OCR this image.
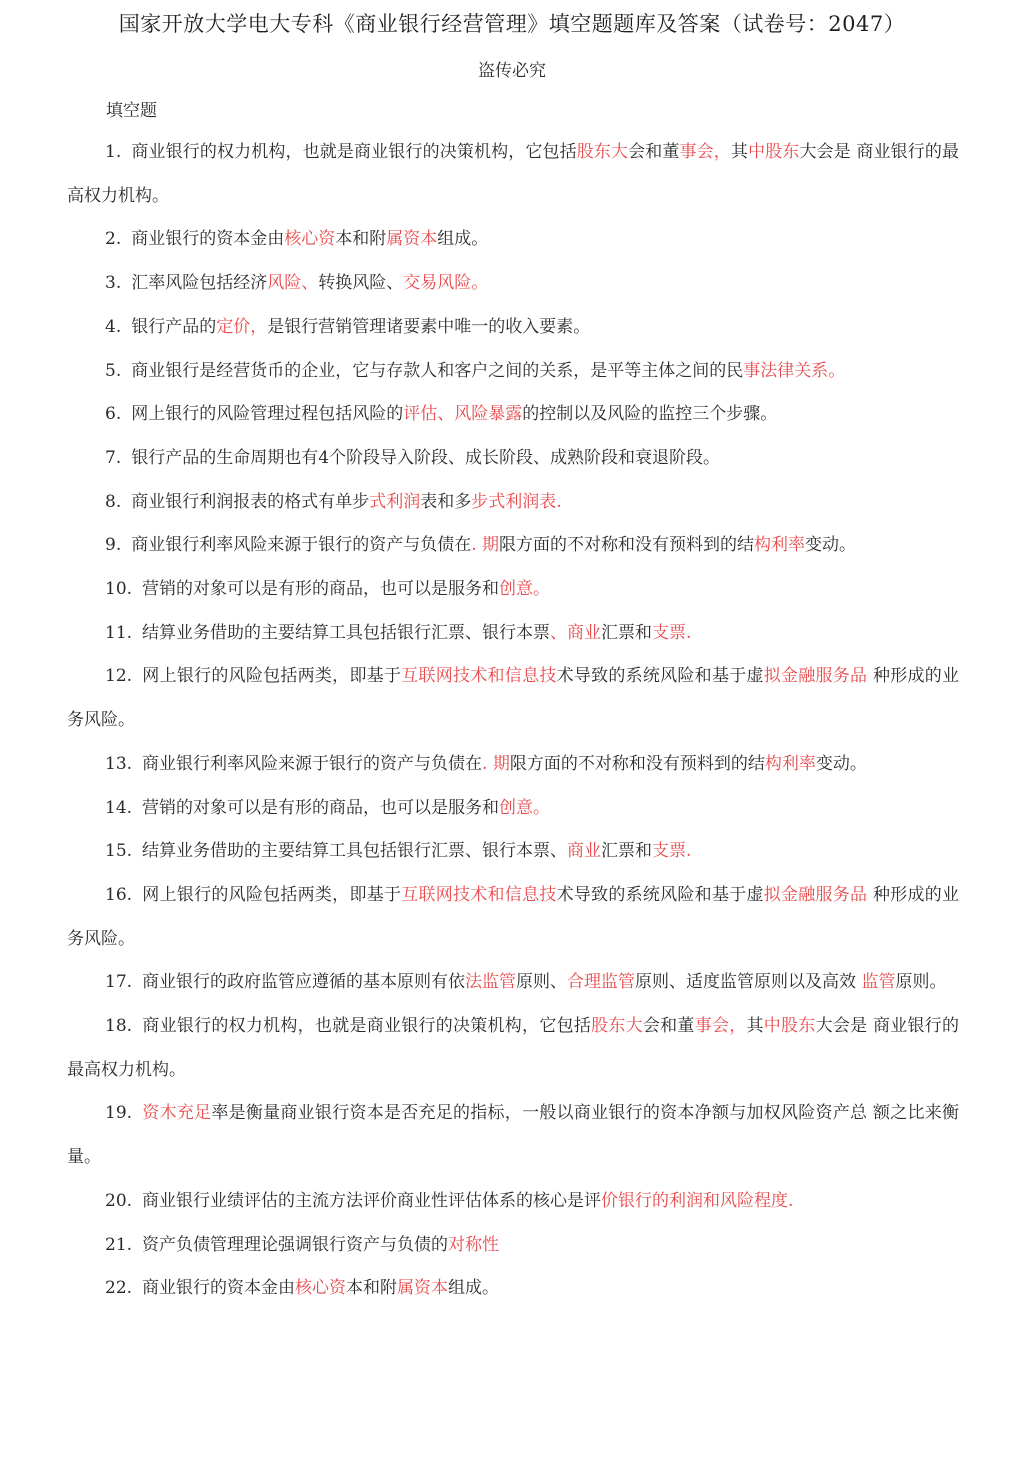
国家开放大学电大专科《商业银行经营管理》填空题题库及答案（试卷号：2047）
盗传必究
填空题

1. 商业银行的权力机构，也就是商业银行的决策机构，它包括股东大会和董事会，其中股东大会是 商业银行的最高权力机构。

2. 商业银行的资本金由核心资本和附属资本组成。

3. 汇率风险包括经济风险、转换风险、交易风险。

4. 银行产品的定价，是银行营销管理诸要素中唯一的收入要素。

5. 商业银行是经营货币的企业，它与存款人和客户之间的关系，是平等主体之间的民事法律关系。

6. 网上银行的风险管理过程包括风险的评估、风险暴露的控制以及风险的监控三个步骤。

7. 银行产品的生命周期也有4个阶段导入阶段、成长阶段、成熟阶段和衰退阶段。

8. 商业银行利润报表的格式有单步式利润表和多步式利润表.

9. 商业银行利率风险来源于银行的资产与负债在. 期限方面的不对称和没有预料到的结构利率变动。

10. 营销的对象可以是有形的商品，也可以是服务和创意。

11. 结算业务借助的主要结算工具包括银行汇票、银行本票、商业汇票和支票.

12. 网上银行的风险包括两类，即基于互联网技术和信息技术导致的系统风险和基于虚拟金融服务品 种形成的业务风险。

13. 商业银行利率风险来源于银行的资产与负债在. 期限方面的不对称和没有预料到的结构利率变动。

14. 营销的对象可以是有形的商品，也可以是服务和创意。

15. 结算业务借助的主要结算工具包括银行汇票、银行本票、商业汇票和支票.

16. 网上银行的风险包括两类，即基于互联网技术和信息技术导致的系统风险和基于虚拟金融服务品 种形成的业务风险。

17. 商业银行的政府监管应遵循的基本原则有依法监管原则、合理监管原则、适度监管原则以及高效 监管原则。

18. 商业银行的权力机构，也就是商业银行的决策机构，它包括股东大会和董事会，其中股东大会是 商业银行的最高权力机构。

19. 资木充足率是衡量商业银行资本是否充足的指标，一般以商业银行的资本净额与加权风险资产总 额之比来衡量。

20. 商业银行业绩评估的主流方法评价商业性评估体系的核心是评价银行的利润和风险程度.

21. 资产负债管理理论强调银行资产与负债的对称性

22. 商业银行的资本金由核心资本和附属资本组成。
